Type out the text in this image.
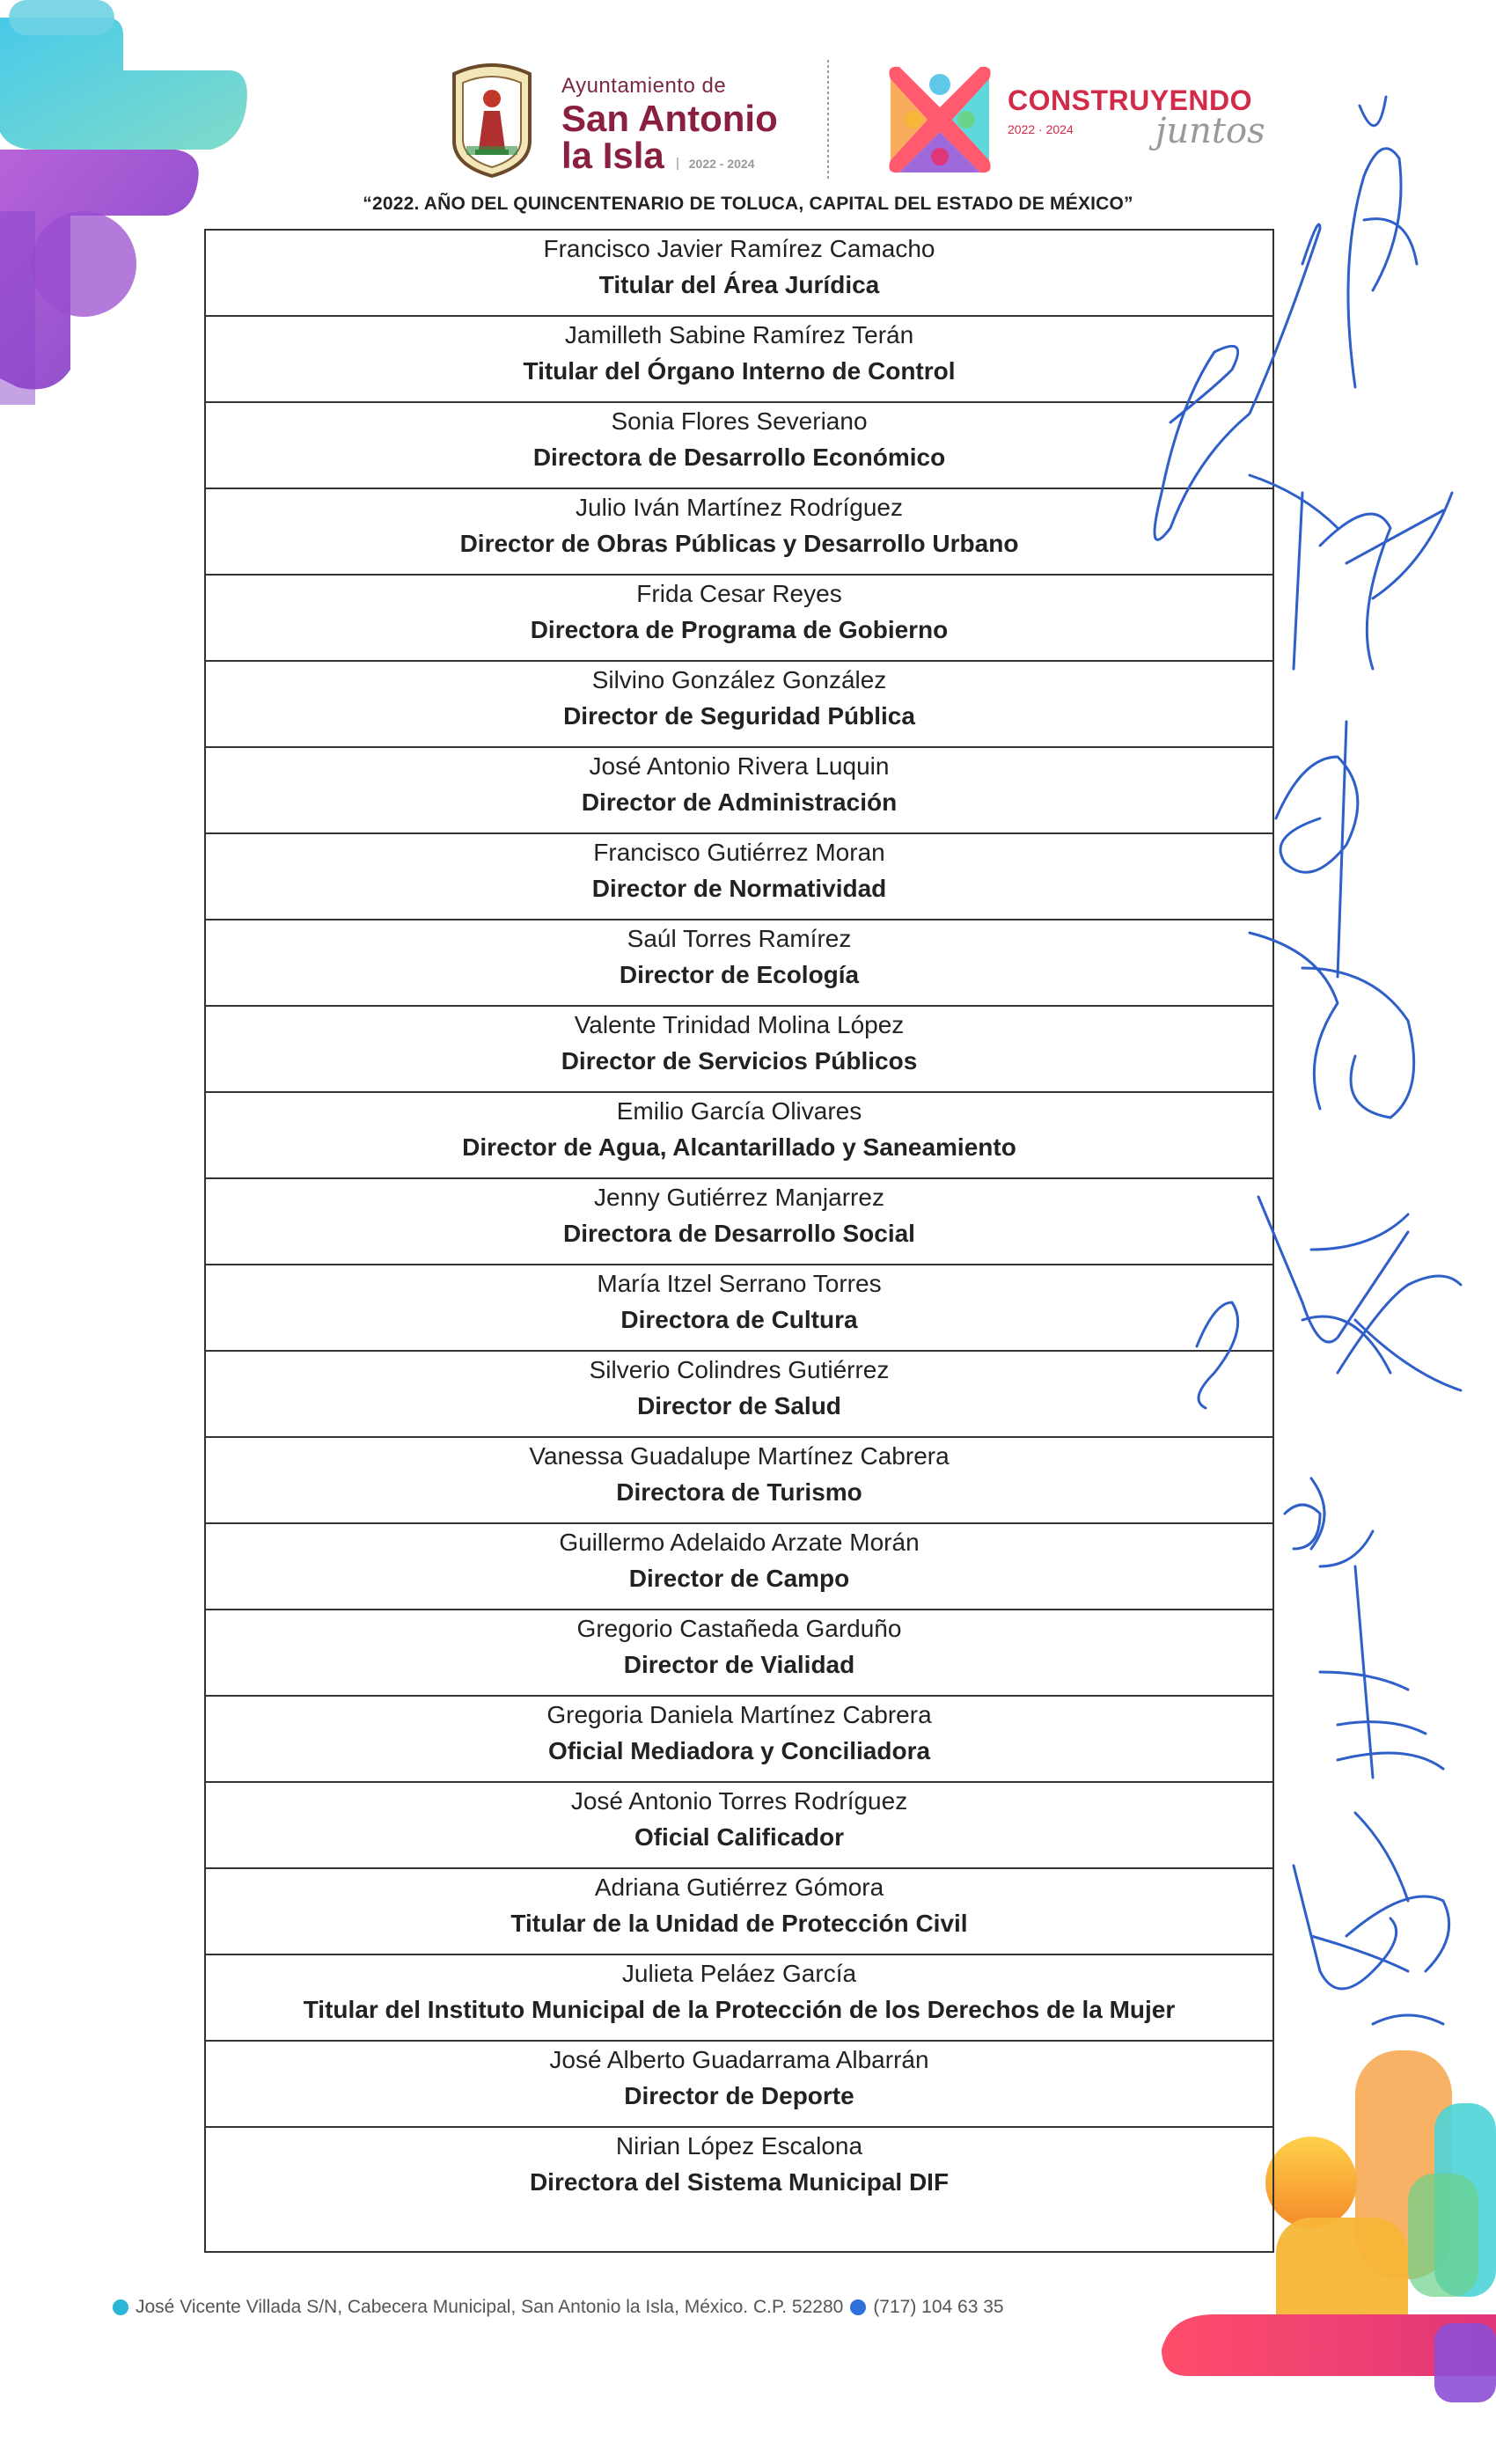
Ayuntamiento de
San Antonio
la Isla	2022 - 2024
CONSTRUYENDO
2022 · 2024	juntos
“2022. AÑO DEL QUINCENTENARIO DE TOLUCA, CAPITAL DEL ESTADO DE MÉXICO”
Francisco Javier Ramírez Camacho
Titular del Área Jurídica
Jamilleth Sabine Ramírez Terán
Titular del Órgano Interno de Control
Sonia Flores Severiano
Directora de Desarrollo Económico
Julio Iván Martínez Rodríguez
Director de Obras Públicas y Desarrollo Urbano
Frida Cesar Reyes
Directora de Programa de Gobierno
Silvino González González
Director de Seguridad Pública
José Antonio Rivera Luquin
Director de Administración
Francisco Gutiérrez Moran
Director de Normatividad
Saúl Torres Ramírez
Director de Ecología
Valente Trinidad Molina López
Director de Servicios Públicos
Emilio García Olivares
Director de Agua, Alcantarillado y Saneamiento
Jenny Gutiérrez Manjarrez
Directora de Desarrollo Social
María Itzel Serrano Torres
Directora de Cultura
Silverio Colindres Gutiérrez
Director de Salud
Vanessa Guadalupe Martínez Cabrera
Directora de Turismo
Guillermo Adelaido Arzate Morán
Director de Campo
Gregorio Castañeda Garduño
Director de Vialidad
Gregoria Daniela Martínez Cabrera
Oficial Mediadora y Conciliadora
José Antonio Torres Rodríguez
Oficial Calificador
Adriana Gutiérrez Gómora
Titular de la Unidad de Protección Civil
Julieta Peláez García
Titular del Instituto Municipal de la Protección de los Derechos de la Mujer
José Alberto Guadarrama Albarrán
Director de Deporte
Nirian López Escalona
Directora del Sistema Municipal DIF
José Vicente Villada S/N, Cabecera Municipal, San Antonio la Isla, México. C.P. 52280 (717) 104 63 35
